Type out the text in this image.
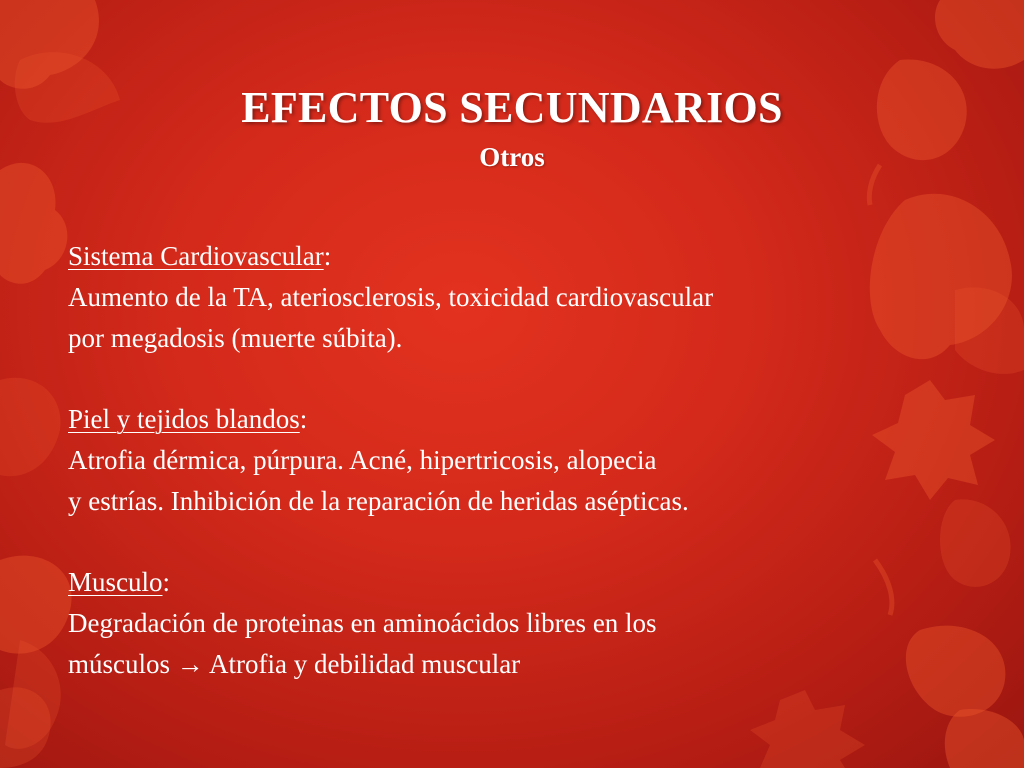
EFECTOS SECUNDARIOS
Otros
Sistema Cardiovascular:
Aumento de la TA, ateriosclerosis, toxicidad cardiovascular
por megadosis (muerte súbita).
Piel y tejidos blandos:
Atrofia dérmica, púrpura. Acné, hipertricosis, alopecia
y estrías. Inhibición de la reparación de heridas asépticas.
Musculo:
Degradación de proteinas en aminoácidos libres en los
músculos → Atrofia y debilidad muscular
